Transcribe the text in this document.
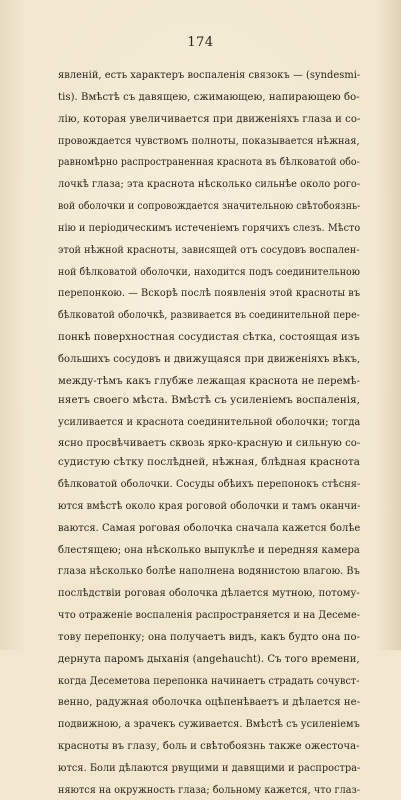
174
явленій, есть характеръ воспаленія связокъ — (syndesmi- tis). Вмѣстѣ съ давящею, сжимающею, напирающею бо- лію, которая увеличивается при движеніяхъ глаза и со- провождается чувствомъ полноты, показывается нѣжная, равномѣрно распространенная краснота въ бѣлковатой обо- лочкѣ глаза; эта краснота нѣсколько сильнѣе около рого- вой оболочки и сопровождается значительною свѣтобоязнь- нію и періодическимъ истеченіемъ горячихъ слезъ. Мѣсто этой нѣжной красноты, зависящей отъ сосудовъ воспален- ной бѣлковатой оболочки, находится подъ соединительною перепонкою. — Вскорѣ послѣ появленія этой красноты въ бѣлковатой оболочкѣ, развивается въ соединительной пере- понкѣ поверхностная сосудистая сѣтка, состоящая изъ большихъ сосудовъ и движущаяся при движеніяхъ вѣкъ, между-тѣмъ какъ глубже лежащая краснота не перемѣ-
няетъ своего мѣста. Вмѣстѣ съ усиленіемъ воспаленія,
усиливается и краснота соединительной оболочки; тогда ясно просвѣчиваетъ сквозь ярко-красную и сильную со-
судистую сѣтку послѣдней, нѣжная, блѣдная краснота
бѣлковатой оболочки. Сосуды обѣихъ перепонокъ стѣсня- ются вмѣстѣ около края роговой оболочки и тамъ оканчи- ваются. Самая роговая оболочка сначала кажется болѣе блестящею; она нѣсколько выпуклѣе и передняя камера глаза нѣсколько болѣе наполнена водянистою влагою. Въ послѣдствіи роговая оболочка дѣлается мутною, потому- что отраженіе воспаленія распространяется и на Десеме- тову перепонку; она получаетъ видъ, какъ будто она по- дернута паромъ дыханія (angehaucht). Съ того времени, когда Десеметова перепонка начинаетъ страдать сочувст- венно, радужная оболочка оцѣпенѣваетъ и дѣлается не- подвижною, а зрачекъ суживается. Вмѣстѣ съ усиленіемъ красноты въ глазу, боль и свѣтобоязнь также ожесточа- ются. Боли дѣлаются рвущими и давящими и распростра- няются на окружность глаза; больному кажется, что глаз-
